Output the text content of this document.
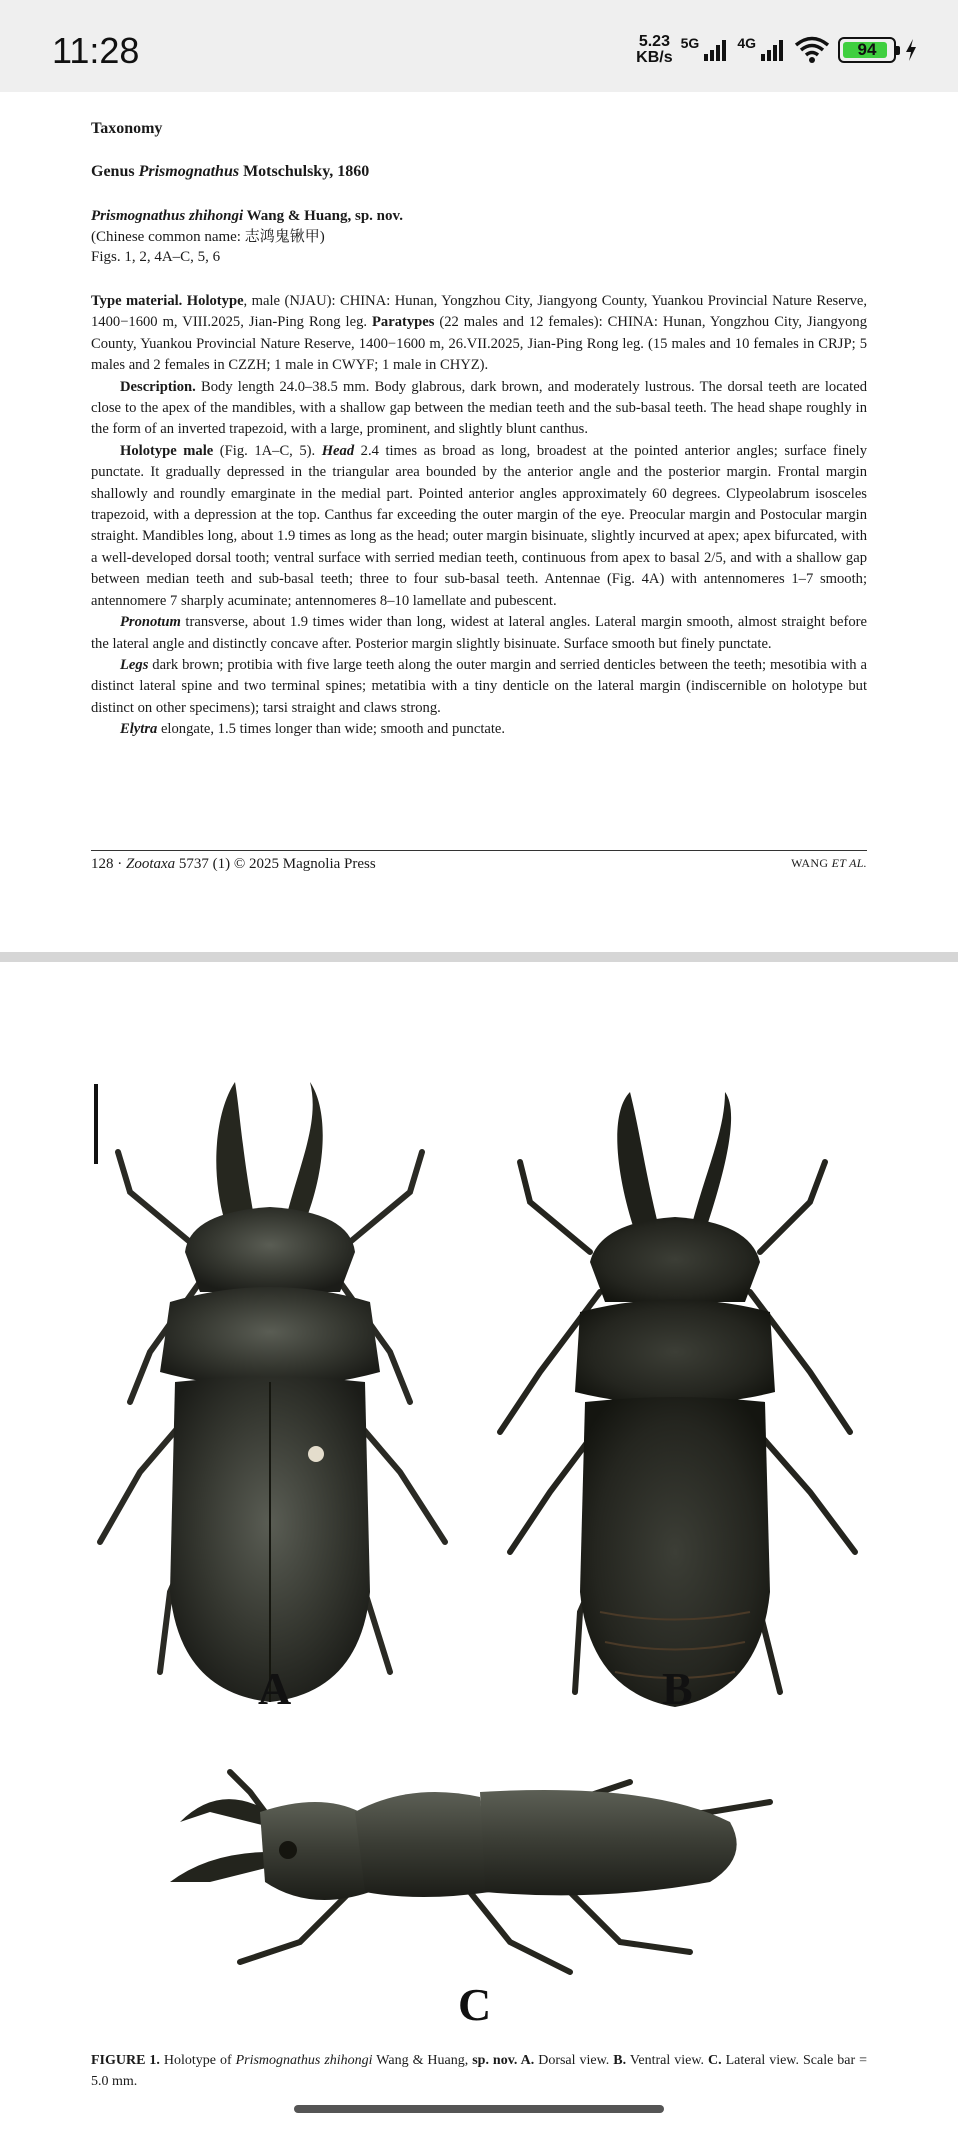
11:28	5.23
KB/s
5G	4G	94
Taxonomy
Genus Prismognathus Motschulsky, 1860
Prismognathus zhihongi Wang & Huang, sp. nov.
(Chinese common name: 志鸿鬼锹甲)
Figs. 1, 2, 4A–C, 5, 6

Type material. Holotype, male (NJAU): CHINA: Hunan, Yongzhou City, Jiangyong County, Yuankou Provincial Nature Reserve, 1400−1600 m, VIII.2025, Jian-Ping Rong leg. Paratypes (22 males and 12 females): CHINA: Hunan, Yongzhou City, Jiangyong County, Yuankou Provincial Nature Reserve, 1400−1600 m, 26.VII.2025, Jian-Ping Rong leg. (15 males and 10 females in CRJP; 5 males and 2 females in CZZH; 1 male in CWYF; 1 male in CHYZ).

Description. Body length 24.0–38.5 mm. Body glabrous, dark brown, and moderately lustrous. The dorsal teeth are located close to the apex of the mandibles, with a shallow gap between the median teeth and the sub-basal teeth. The head shape roughly in the form of an inverted trapezoid, with a large, prominent, and slightly blunt canthus.

Holotype male (Fig. 1A–C, 5). Head 2.4 times as broad as long, broadest at the pointed anterior angles; surface finely punctate. It gradually depressed in the triangular area bounded by the anterior angle and the posterior margin. Frontal margin shallowly and roundly emarginate in the medial part. Pointed anterior angles approximately 60 degrees. Clypeolabrum isosceles trapezoid, with a depression at the top. Canthus far exceeding the outer margin of the eye. Preocular margin and Postocular margin straight. Mandibles long, about 1.9 times as long as the head; outer margin bisinuate, slightly incurved at apex; apex bifurcated, with a well-developed dorsal tooth; ventral surface with serried median teeth, continuous from apex to basal 2/5, and with a shallow gap between median teeth and sub-basal teeth; three to four sub-basal teeth. Antennae (Fig. 4A) with antennomeres 1–7 smooth; antennomere 7 sharply acuminate; antennomeres 8–10 lamellate and pubescent.

Pronotum transverse, about 1.9 times wider than long, widest at lateral angles. Lateral margin smooth, almost straight before the lateral angle and distinctly concave after. Posterior margin slightly bisinuate. Surface smooth but finely punctate.

Legs dark brown; protibia with five large teeth along the outer margin and serried denticles between the teeth; mesotibia with a distinct lateral spine and two terminal spines; metatibia with a tiny denticle on the lateral margin (indiscernible on holotype but distinct on other specimens); tarsi straight and claws strong.

Elytra elongate, 1.5 times longer than wide; smooth and punctate.

128 · Zootaxa 5737 (1) © 2025 Magnolia Press	WANG ET AL.
A	B
C
FIGURE 1. Holotype of Prismognathus zhihongi Wang & Huang, sp. nov. A. Dorsal view. B. Ventral view. C. Lateral view. Scale bar = 5.0 mm.
